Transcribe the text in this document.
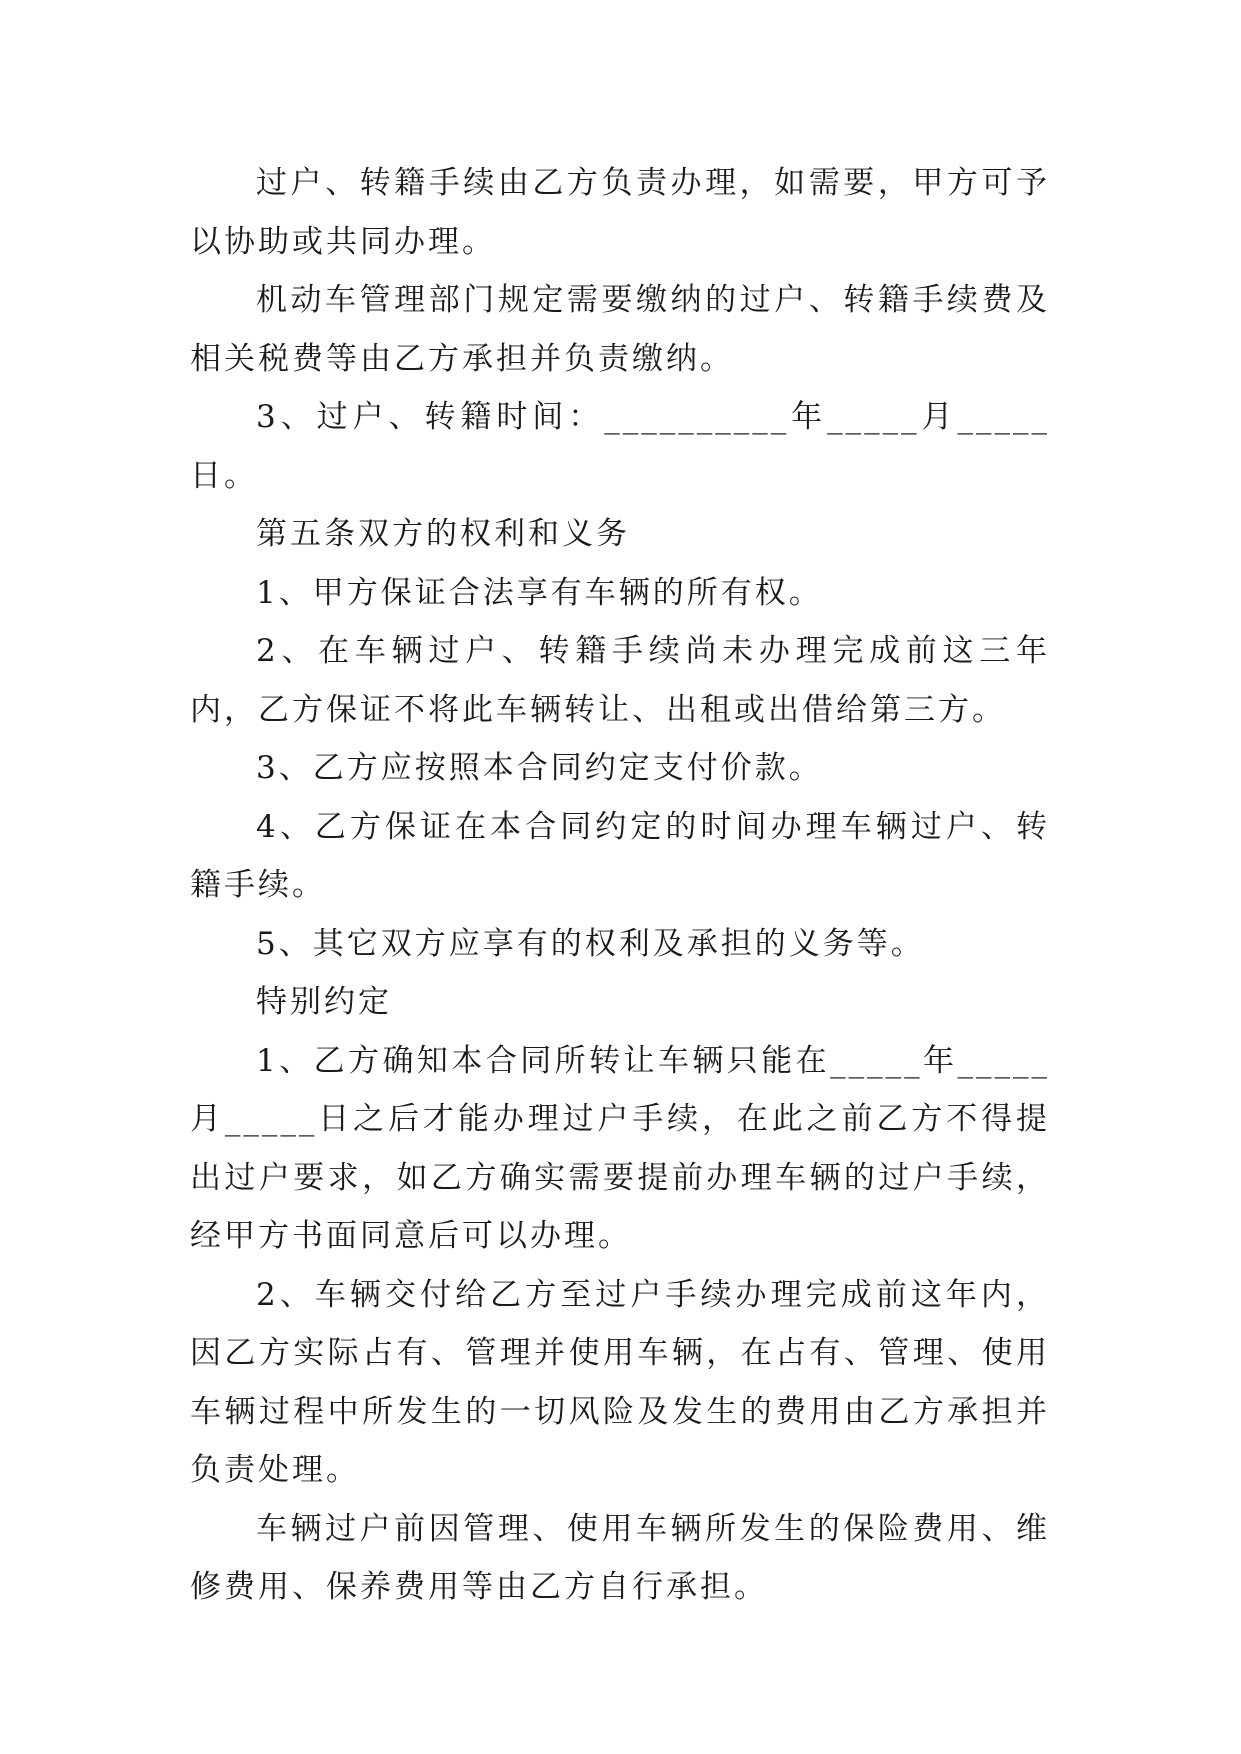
过户、转籍手续由乙方负责办理，如需要，甲方可予以协助或共同办理。

机动车管理部门规定需要缴纳的过户、转籍手续费及相关税费等由乙方承担并负责缴纳。

3、过户、转籍时间：__________年_____月_____日。

第五条双方的权利和义务

1、甲方保证合法享有车辆的所有权。

2、在车辆过户、转籍手续尚未办理完成前这三年内，乙方保证不将此车辆转让、出租或出借给第三方。

3、乙方应按照本合同约定支付价款。

4、乙方保证在本合同约定的时间办理车辆过户、转籍手续。

5、其它双方应享有的权利及承担的义务等。

特别约定

1、乙方确知本合同所转让车辆只能在_____年_____月_____日之后才能办理过户手续，在此之前乙方不得提出过户要求，如乙方确实需要提前办理车辆的过户手续，经甲方书面同意后可以办理。

2、车辆交付给乙方至过户手续办理完成前这年内，因乙方实际占有、管理并使用车辆，在占有、管理、使用车辆过程中所发生的一切风险及发生的费用由乙方承担并负责处理。

车辆过户前因管理、使用车辆所发生的保险费用、维修费用、保养费用等由乙方自行承担。
